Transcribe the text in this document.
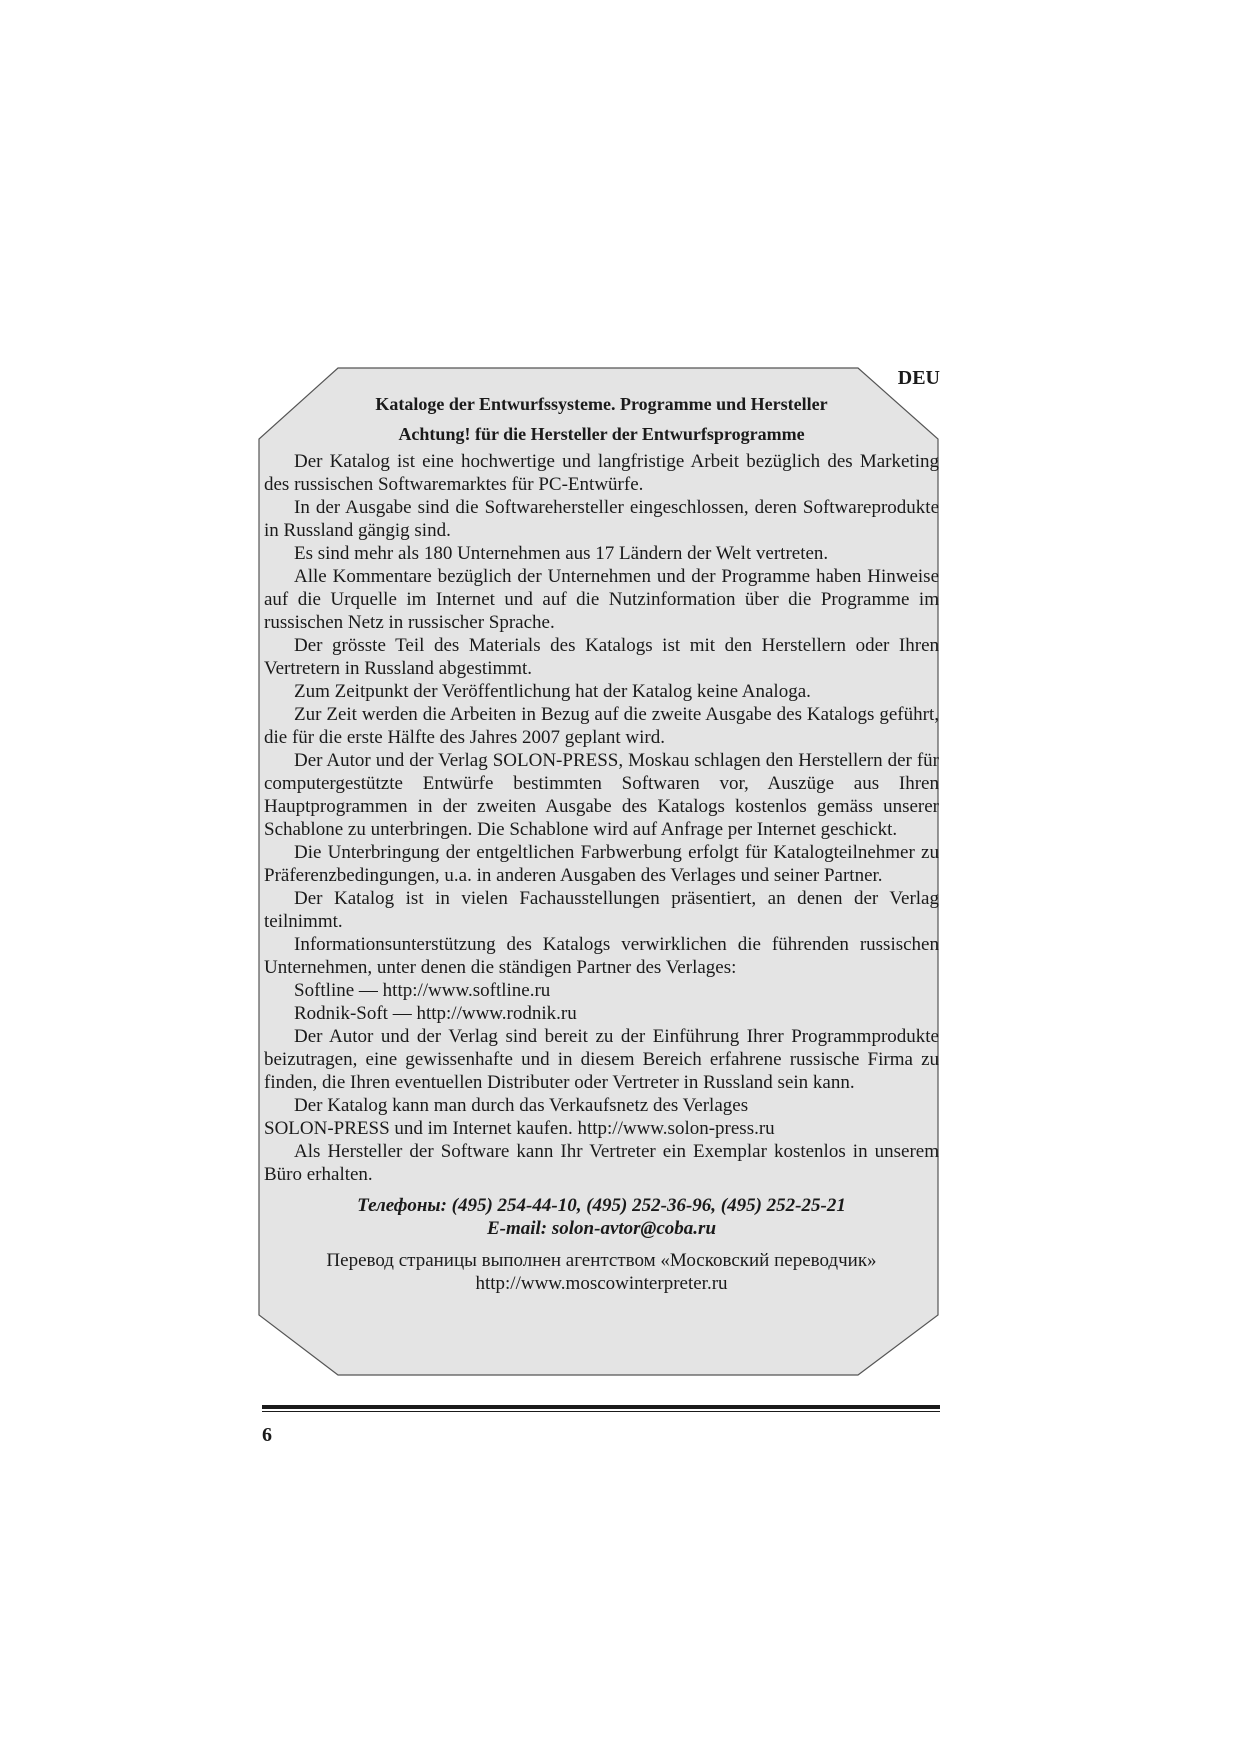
DEU
Kataloge der Entwurfssysteme. Programme und Hersteller
Achtung! für die Hersteller der Entwurfsprogramme

Der Katalog ist eine hochwertige und langfristige Arbeit bezüglich des Marketing des russischen Softwaremarktes für PC-Entwürfe.

In der Ausgabe sind die Softwarehersteller eingeschlossen, deren Softwareprodukte in Russland gängig sind.

Es sind mehr als 180 Unternehmen aus 17 Ländern der Welt vertreten.

Alle Kommentare bezüglich der Unternehmen und der Programme haben Hinweise auf die Urquelle im Internet und auf die Nutzinformation über die Programme im russischen Netz in russischer Sprache.

Der grösste Teil des Materials des Katalogs ist mit den Herstellern oder Ihren Vertretern in Russland abgestimmt.

Zum Zeitpunkt der Veröffentlichung hat der Katalog keine Analoga.

Zur Zeit werden die Arbeiten in Bezug auf die zweite Ausgabe des Katalogs geführt, die für die erste Hälfte des Jahres 2007 geplant wird.

Der Autor und der Verlag SOLON-PRESS, Moskau schlagen den Herstellern der für computergestützte Entwürfe bestimmten Softwaren vor, Auszüge aus Ihren Hauptprogrammen in der zweiten Ausgabe des Katalogs kostenlos gemäss unserer Schablone zu unterbringen. Die Schablone wird auf Anfrage per Internet geschickt.

Die Unterbringung der entgeltlichen Farbwerbung erfolgt für Katalogteilnehmer zu Präferenzbedingungen, u.a. in anderen Ausgaben des Verlages und seiner Partner.

Der Katalog ist in vielen Fachausstellungen präsentiert, an denen der Verlag teilnimmt.

Informationsunterstützung des Katalogs verwirklichen die führenden russischen Unternehmen, unter denen die ständigen Partner des Verlages:

Softline — http://www.softline.ru
Rodnik-Soft — http://www.rodnik.ru

Der Autor und der Verlag sind bereit zu der Einführung Ihrer Programmprodukte beizutragen, eine gewissenhafte und in diesem Bereich erfahrene russische Firma zu finden, die Ihren eventuellen Distributer oder Vertreter in Russland sein kann.

Der Katalog kann man durch das Verkaufsnetz des Verlages
SOLON-PRESS und im Internet kaufen. http://www.solon-press.ru

Als Hersteller der Software kann Ihr Vertreter ein Exemplar kostenlos in unserem Büro erhalten.

Телефоны: (495) 254-44-10, (495) 252-36-96, (495) 252-25-21
E-mail: solon-avtor@coba.ru
Перевод страницы выполнен агентством «Московский переводчик»
http://www.moscowinterpreter.ru
6
